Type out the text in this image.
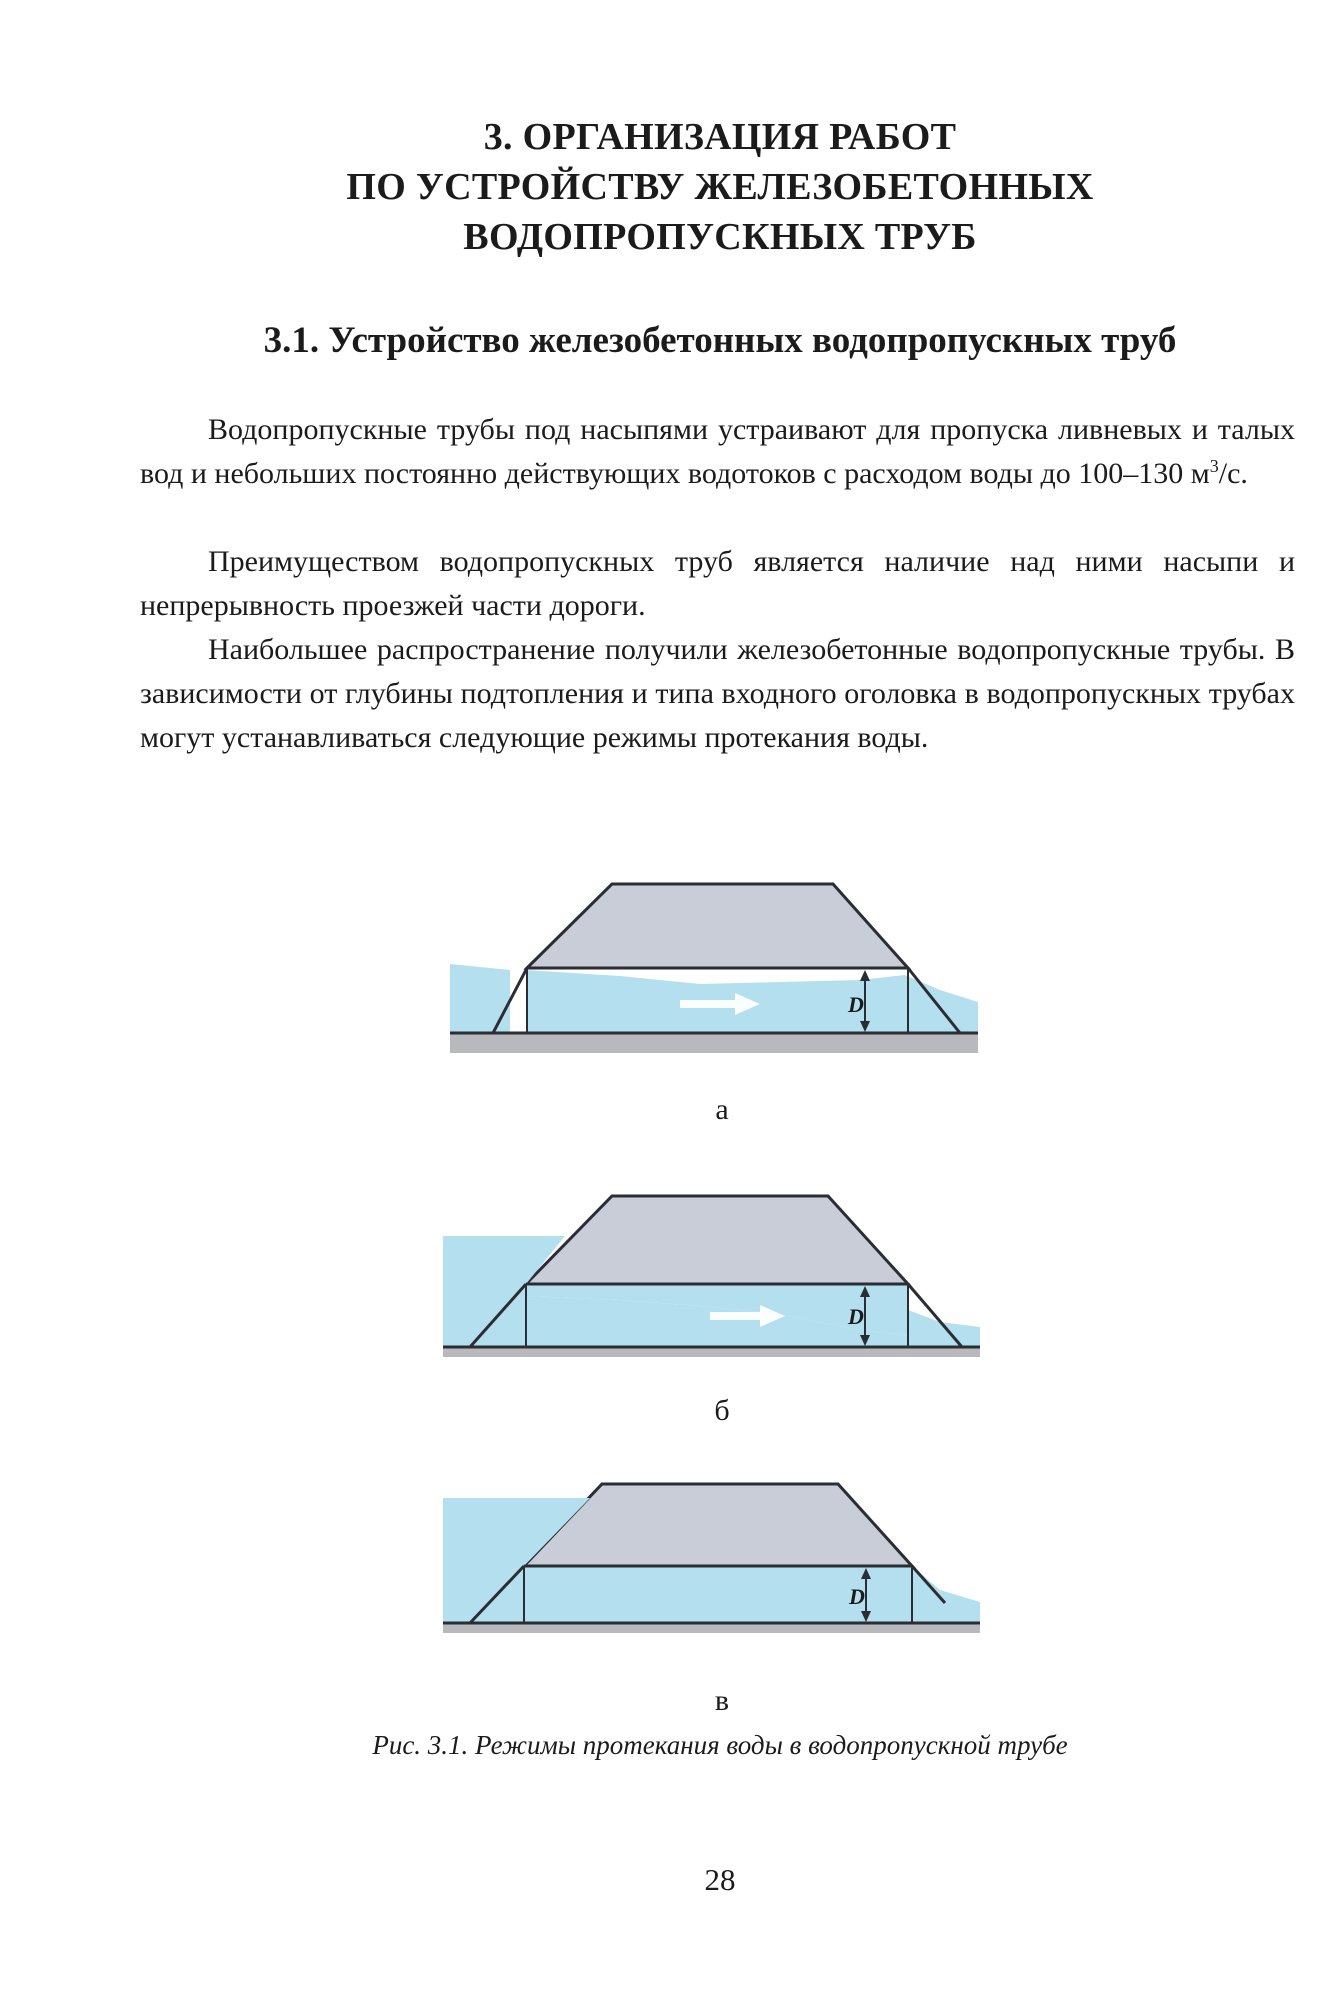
3. ОРГАНИЗАЦИЯ РАБОТ
ПО УСТРОЙСТВУ ЖЕЛЕЗОБЕТОННЫХ
ВОДОПРОПУСКНЫХ ТРУБ
3.1. Устройство железобетонных водопропускных труб

Водопропускные трубы под насыпями устраивают для пропуска ливневых и талых вод и небольших постоянно действующих водотоков с расходом воды до 100–130 $м^3/с$.

Преимуществом водопропускных труб является наличие над ними насыпи и непрерывность проезжей части дороги.

Наибольшее распространение получили железобетонные водопропускные трубы. В зависимости от глубины подтопления и типа входного оголовка в водопропускных трубах могут устанавливаться следующие режимы протекания воды.

D
D
D
а
б
в
Рис. 3.1. Режимы протекания воды в водопропускной трубе
28
